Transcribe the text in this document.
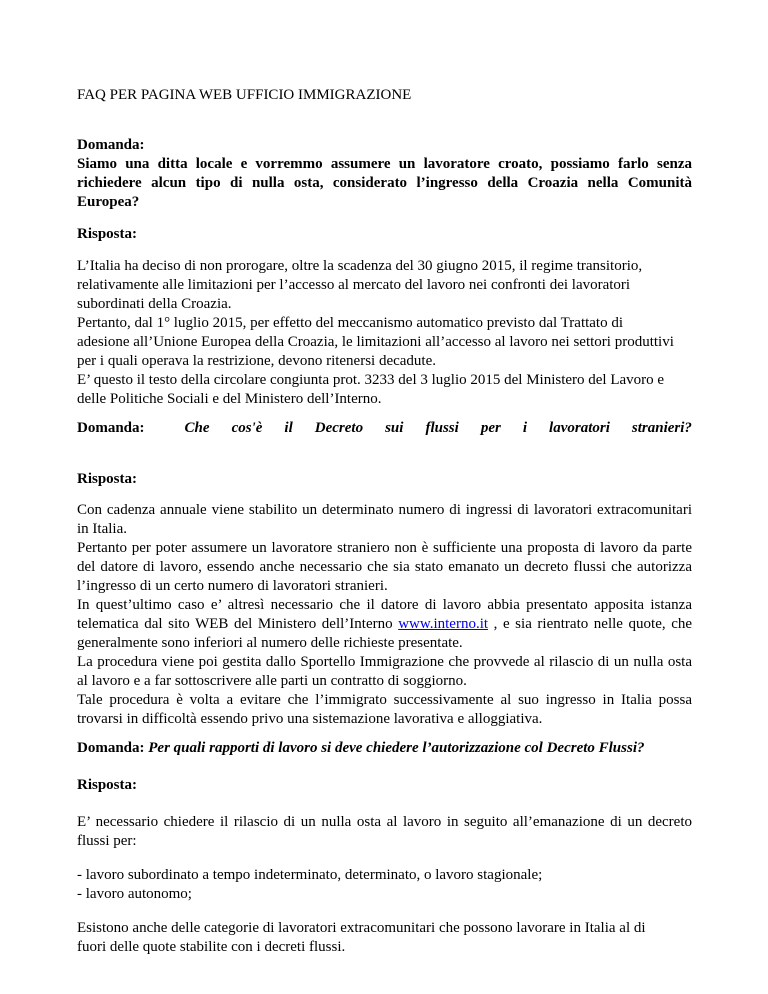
FAQ PER PAGINA WEB UFFICIO IMMIGRAZIONE

Domanda:

Siamo una ditta locale e vorremmo assumere un lavoratore croato, possiamo farlo senza richiedere alcun tipo di nulla osta, considerato l’ingresso della Croazia nella Comunità Europea?

Risposta:

L’Italia ha deciso di non prorogare, oltre la scadenza del 30 giugno 2015, il regime transitorio,

relativamente alle limitazioni per l’accesso al mercato del lavoro nei confronti dei lavoratori

subordinati della Croazia.

Pertanto, dal 1° luglio 2015, per effetto del meccanismo automatico previsto dal Trattato di

adesione all’Unione Europea della Croazia, le limitazioni all’accesso al lavoro nei settori produttivi

per i quali operava la restrizione, devono ritenersi decadute.

E’ questo il testo della circolare congiunta prot. 3233 del 3 luglio 2015 del Ministero del Lavoro e

delle Politiche Sociali e del Ministero dell’Interno.

Domanda:	Che cos'è il Decreto sui flussi per i lavoratori stranieri?
Risposta:

Con cadenza annuale viene stabilito un determinato numero di ingressi di lavoratori extracomunitari in Italia.

Pertanto per poter assumere un lavoratore straniero non è sufficiente una proposta di lavoro da parte del datore di lavoro, essendo anche necessario che sia stato emanato un decreto flussi che autorizza l’ingresso di un certo numero di lavoratori stranieri.

In quest’ultimo caso e’ altresì necessario che il datore di lavoro abbia presentato apposita istanza telematica dal sito WEB del Ministero dell’Interno www.interno.it , e sia rientrato nelle quote, che generalmente sono inferiori al numero delle richieste presentate.

La procedura viene poi gestita dallo Sportello Immigrazione che provvede al rilascio di un nulla osta al lavoro e a far sottoscrivere alle parti un contratto di soggiorno.

Tale procedura è volta a evitare che l’immigrato successivamente al suo ingresso in Italia possa trovarsi in difficoltà essendo privo una sistemazione lavorativa e alloggiativa.

Domanda: Per quali rapporti di lavoro si deve chiedere l’autorizzazione col Decreto Flussi?
Risposta:
E’ necessario chiedere il rilascio di un nulla osta al lavoro in seguito all’emanazione di un decreto flussi per:

- lavoro subordinato a tempo indeterminato, determinato, o lavoro stagionale;

- lavoro autonomo;

Esistono anche delle categorie di lavoratori extracomunitari che possono lavorare in Italia al di

fuori delle quote stabilite con i decreti flussi.
